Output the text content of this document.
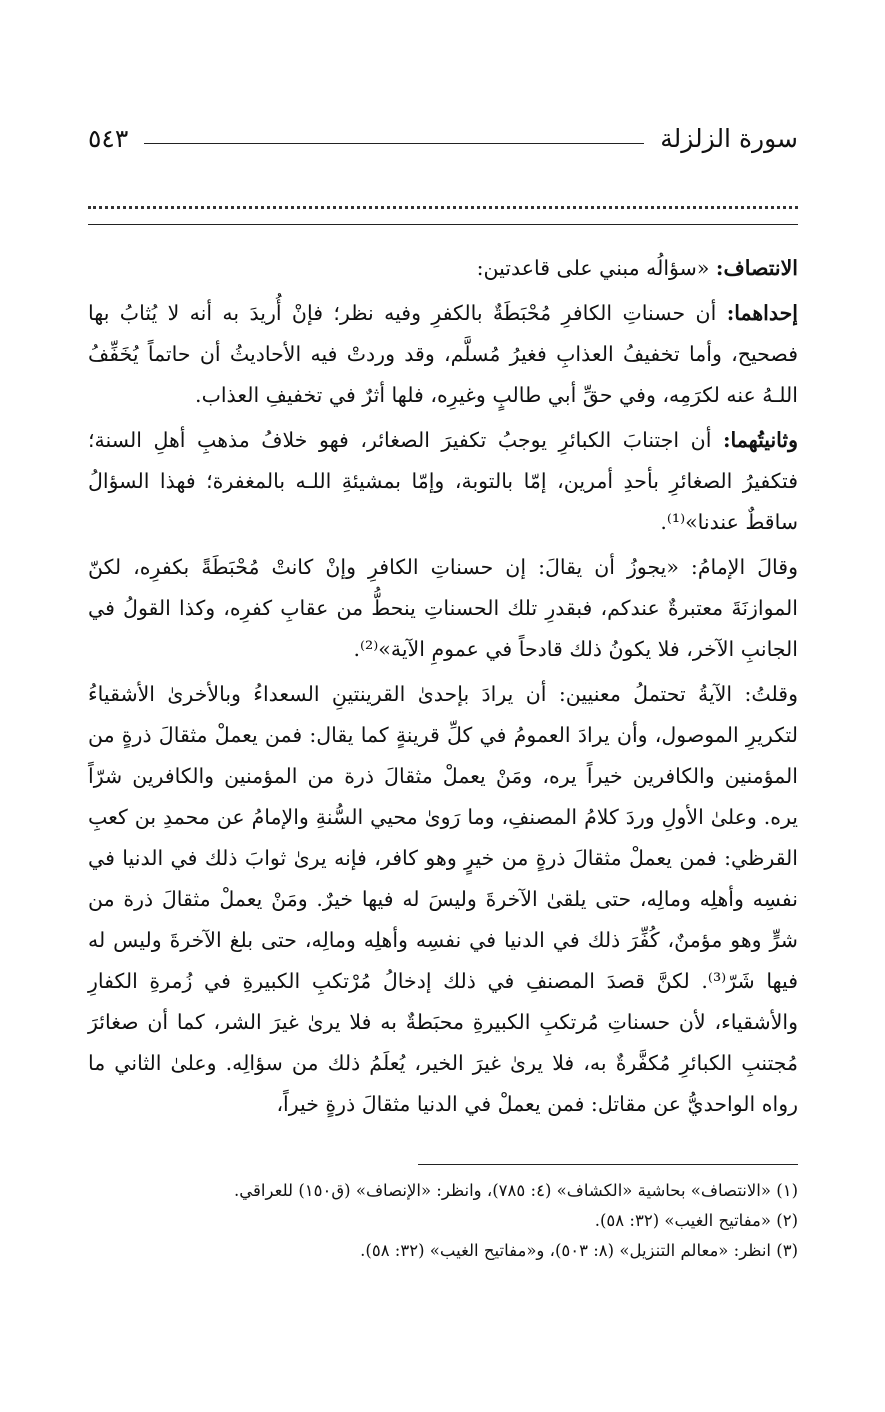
سورة الزلزلة
٥٤٣

الانتصاف: «سؤالُه مبني على قاعدتين:

إحداهما: أن حسناتِ الكافرِ مُحْبَطَةٌ بالكفرِ وفيه نظر؛ فإنْ أُريدَ به أنه لا يُثابُ بها فصحيح، وأما تخفيفُ العذابِ فغيرُ مُسلَّم، وقد وردتْ فيه الأحاديثُ أن حاتماً يُخَفِّفُ اللـهُ عنه لكرَمِه، وفي حقِّ أبي طالبٍ وغيرِه، فلها أثرٌ في تخفيفِ العذاب.

وثانيتُهما: أن اجتنابَ الكبائرِ يوجبُ تكفيرَ الصغائر، فهو خلافُ مذهبِ أهلِ السنة؛ فتكفيرُ الصغائرِ بأحدِ أمرين، إمّا بالتوبة، وإمّا بمشيئةِ اللـه بالمغفرة؛ فهذا السؤالُ ساقطٌ عندنا»⁽¹⁾.

وقالَ الإمامُ: «يجوزُ أن يقالَ: إن حسناتِ الكافرِ وإنْ كانتْ مُحْبَطَةً بكفرِه، لكنّ الموازنَةَ معتبرةٌ عندكم، فبقدرِ تلك الحسناتِ ينحطُّ من عقابِ كفرِه، وكذا القولُ في الجانبِ الآخر، فلا يكونُ ذلك قادحاً في عمومِ الآية»⁽²⁾.

وقلتُ: الآيةُ تحتملُ معنيين: أن يرادَ بإحدىٰ القرينتينِ السعداءُ وبالأخرىٰ الأشقياءُ لتكريرِ الموصول، وأن يرادَ العمومُ في كلِّ قرينةٍ كما يقال: فمن يعملْ مثقالَ ذرةٍ من المؤمنين والكافرين خيراً يره، ومَنْ يعملْ مثقالَ ذرة من المؤمنين والكافرين شرّاً يره. وعلىٰ الأولِ وردَ كلامُ المصنفِ، وما رَوىٰ محيي السُّنةِ والإمامُ عن محمدِ بن كعبِ القرظي: فمن يعملْ مثقالَ ذرةٍ من خيرٍ وهو كافر، فإنه يرىٰ ثوابَ ذلك في الدنيا في نفسِه وأهلِه ومالِه، حتى يلقىٰ الآخرةَ وليسَ له فيها خيرٌ. ومَنْ يعملْ مثقالَ ذرة من شرٍّ وهو مؤمنٌ، كُفِّرَ ذلك في الدنيا في نفسِه وأهلِه ومالِه، حتى بلغ الآخرةَ وليس له فيها شَرّ⁽³⁾. لكنَّ قصدَ المصنفِ في ذلك إدخالُ مُرْتكبِ الكبيرةِ في زُمرةِ الكفارِ والأشقياء، لأن حسناتِ مُرتكبِ الكبيرةِ محبَطةٌ به فلا يرىٰ غيرَ الشر، كما أن صغائرَ مُجتنبِ الكبائرِ مُكفَّرةٌ به، فلا يرىٰ غيرَ الخير، يُعلَمُ ذلك من سؤالِه. وعلىٰ الثاني ما رواه الواحديُّ عن مقاتل: فمن يعملْ في الدنيا مثقالَ ذرةٍ خيراً،

(١) «الانتصاف» بحاشية «الكشاف» (٤: ٧٨٥)، وانظر: «الإنصاف» (ق١٥٠) للعراقي.

(٢) «مفاتيح الغيب» (٣٢: ٥٨).

(٣) انظر: «معالم التنزيل» (٨: ٥٠٣)، و«مفاتيح الغيب» (٣٢: ٥٨).
